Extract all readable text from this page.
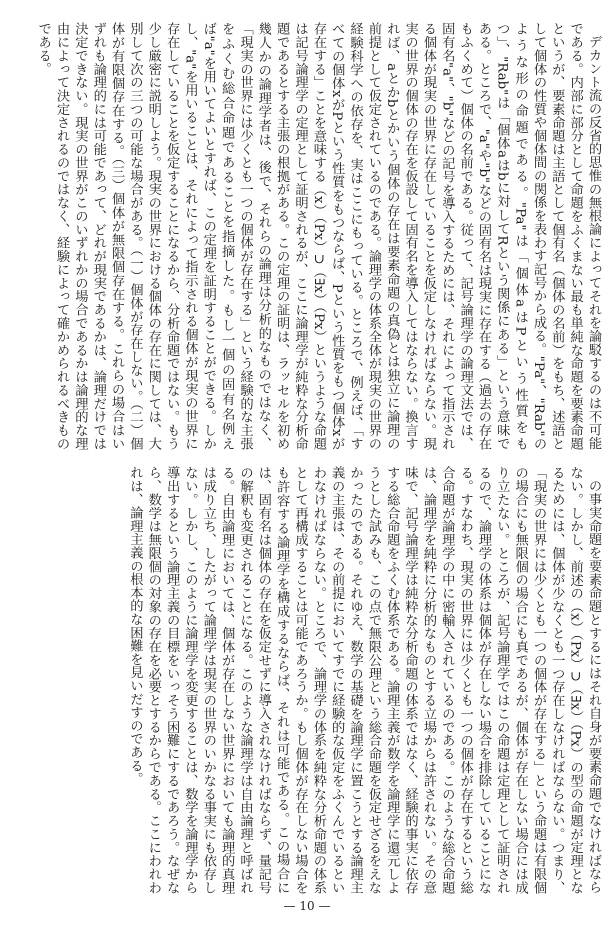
デカント流の反省的思惟の無根論によってそれを論駁するのは不可能である。内部に部分として命題をふくまない最も単純な命題を要素命題というが、要素命題は主語として個有名（個体の名前）をもち、述語として個体の性質や個体間の関係を表わす記号から成る。"Pa"、"Rab"のような形の命題である。"Pa"は「個体aはPという性質をもつ」、"Rab"は「個体aはbに対してRという関係にある」という意味である。ところで、"a"や"b"などの固有名は現実に存在する（過去の存在もふくめて）個体の名前である。従って、記号論理学の論理文法では、固有名"a"、"b"などの記号を導入するためには、それによって指示される個体が現実の世界に存在していることを仮定しなければならない。現実の世界の個体の存在を仮設して固有名を導入してはならない。換言すれば、aとかbとかいう個体の存在は要素命題の真偽とは独立に論理の前提として仮定されているのである。論理学の体系全体が現実の世界の経験科学への依存を、実はここにもっている。ところで、例えば、「すべての個体xがPという性質をもつならば、Pという性質をもつ個体xが存在する」ことを意味する（x）（Px）⊃（∃x）（Px）というような命題は記号論理学の定理として証明されるが、ここに論理学が純粋な分析命題であるとする主張の根拠がある。この定理の証明は、ラッセルを初め幾人かの論理学者は、後で、それらの論理は分析的なものではなく、「現実の世界には少くとも一つの個体が存在する」という経験的な主張をふくむ総合命題であることを指摘した。もし一個の固有名例えば"a"を用いてよいとすれば、この定理を証明することができる。しかし、"a"を用いることは、それによって指示される個体が現実の世界に存在していることを仮定することになるから、分析命題ではない。もう少し厳密に説明しよう。現実の世界における個体の存在に関しては、大別して次の三つの可能な場合がある。（一）個体が存在しない。（二）個体が有限個存在する。（三）個体が無限個存在する。これらの場合はいずれも論理的には可能であって、どれが現実であるかは、論理だけでは決定できない。現実の世界がこのいずれかの場合であるかは論理的な理由によって決定されるのではなく、経験によって確かめられるべきものである。

の事実命題を要素命題とするにはそれ自身が要素命題でなければならない。しかし、前述の（x）（Px）⊃（∃x）（Px）の型の命題が定理となるためには、個体が少なくとも一つ存在しなければならない。つまり、「現実の世界には少くとも一つの個体が存在する」という命題は有限個の場合にも無限個の場合にも真であるが、個体が存在しない場合には成り立たない。ところが、記号論理学ではこの命題は定理として証明されるので、論理学の体系は個体が存在しない場合を排除していることになる。すなわち、現実の世界には少くとも一つの個体が存在するという総合命題が論理学の中に密輸入されているのである。このような総合命題は、論理学を純粋に分析的なものとする立場からは許されない。その意味で、記号論理学は純粋な分析命題の体系ではなく、経験的事実に依存する総合命題をふくむ体系である。論理主義が数学を論理学に還元しようとした試みも、この点で無限公理という総合命題を仮定せざるをえなかったのである。それゆえ、数学の基礎を論理学に置こうとする論理主義の主張は、その前提においてすでに経験的な仮定をふくんでいるといわなければならない。ところで、論理学の体系を純粋な分析命題の体系として再構成することは可能であろうか。もし個体が存在しない場合をも許容する論理学を構成するならば、それは可能である。この場合には、固有名は個体の存在を仮定せずに導入されなければならず、量記号の解釈も変更されることになる。このような論理学は自由論理と呼ばれる。自由論理においては、個体が存在しない世界においても論理的真理は成り立ち、したがって論理学は現実の世界のいかなる事実にも依存しない。しかし、このように論理学を変更することは、数学を論理学から導出するという論理主義の目標をいっそう困難にするであろう。なぜなら、数学は無限個の対象の存在を必要とするからである。ここにわれわれは、論理主義の根本的な困難を見いだすのである。

— 10 —
